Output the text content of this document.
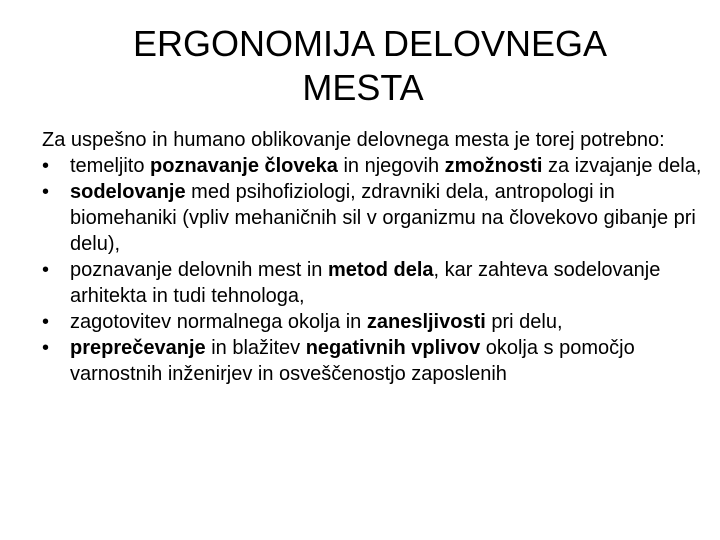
ERGONOMIJA DELOVNEGA
MESTA

Za uspešno in humano oblikovanje delovnega mesta je torej potrebno:

•	temeljito poznavanje človeka in njegovih zmožnosti za izvajanje dela,
•	sodelovanje med psihofiziologi, zdravniki dela, antropologi in biomehaniki (vpliv mehaničnih sil v organizmu na človekovo gibanje pri delu),
•	poznavanje delovnih mest in metod dela, kar zahteva sodelovanje arhitekta in tudi tehnologa,
•	zagotovitev normalnega okolja in zanesljivosti pri delu,
•	preprečevanje in blažitev negativnih vplivov okolja s pomočjo varnostnih inženirjev in osveščenostjo zaposlenih
